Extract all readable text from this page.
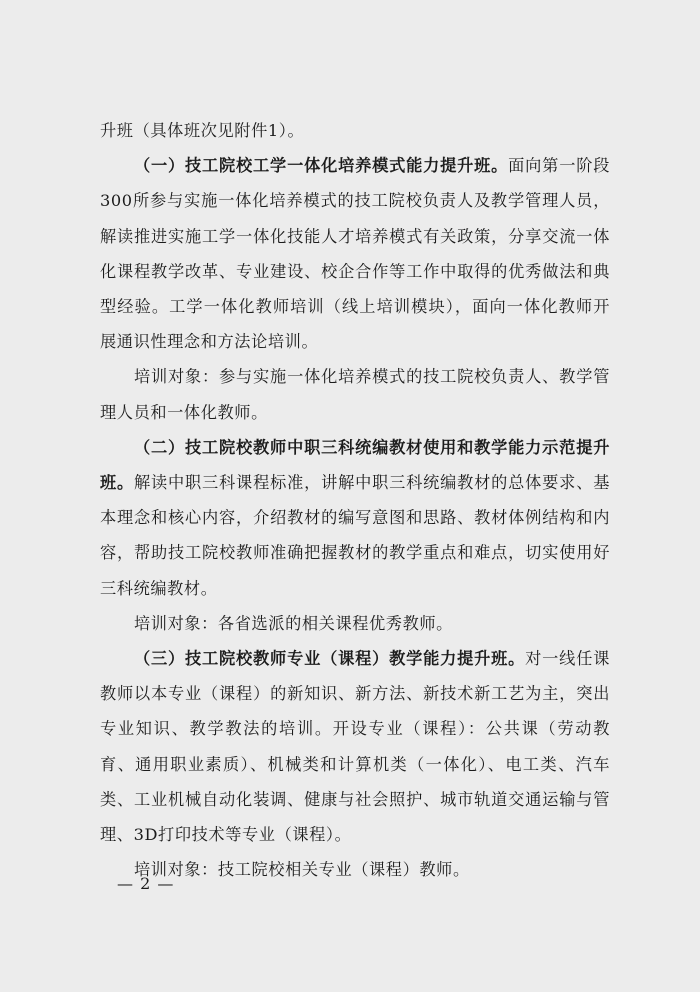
升班（具体班次见附件1）。

（一）技工院校工学一体化培养模式能力提升班。面向第一阶段300所参与实施一体化培养模式的技工院校负责人及教学管理人员，解读推进实施工学一体化技能人才培养模式有关政策，分享交流一体化课程教学改革、专业建设、校企合作等工作中取得的优秀做法和典型经验。工学一体化教师培训（线上培训模块），面向一体化教师开展通识性理念和方法论培训。

培训对象：参与实施一体化培养模式的技工院校负责人、教学管理人员和一体化教师。

（二）技工院校教师中职三科统编教材使用和教学能力示范提升班。解读中职三科课程标准，讲解中职三科统编教材的总体要求、基本理念和核心内容，介绍教材的编写意图和思路、教材体例结构和内容，帮助技工院校教师准确把握教材的教学重点和难点，切实使用好三科统编教材。

培训对象：各省选派的相关课程优秀教师。

（三）技工院校教师专业（课程）教学能力提升班。对一线任课教师以本专业（课程）的新知识、新方法、新技术新工艺为主，突出专业知识、教学教法的培训。开设专业（课程）：公共课（劳动教育、通用职业素质）、机械类和计算机类（一体化）、电工类、汽车类、工业机械自动化装调、健康与社会照护、城市轨道交通运输与管理、3D打印技术等专业（课程）。

培训对象：技工院校相关专业（课程）教师。

— 2 —
